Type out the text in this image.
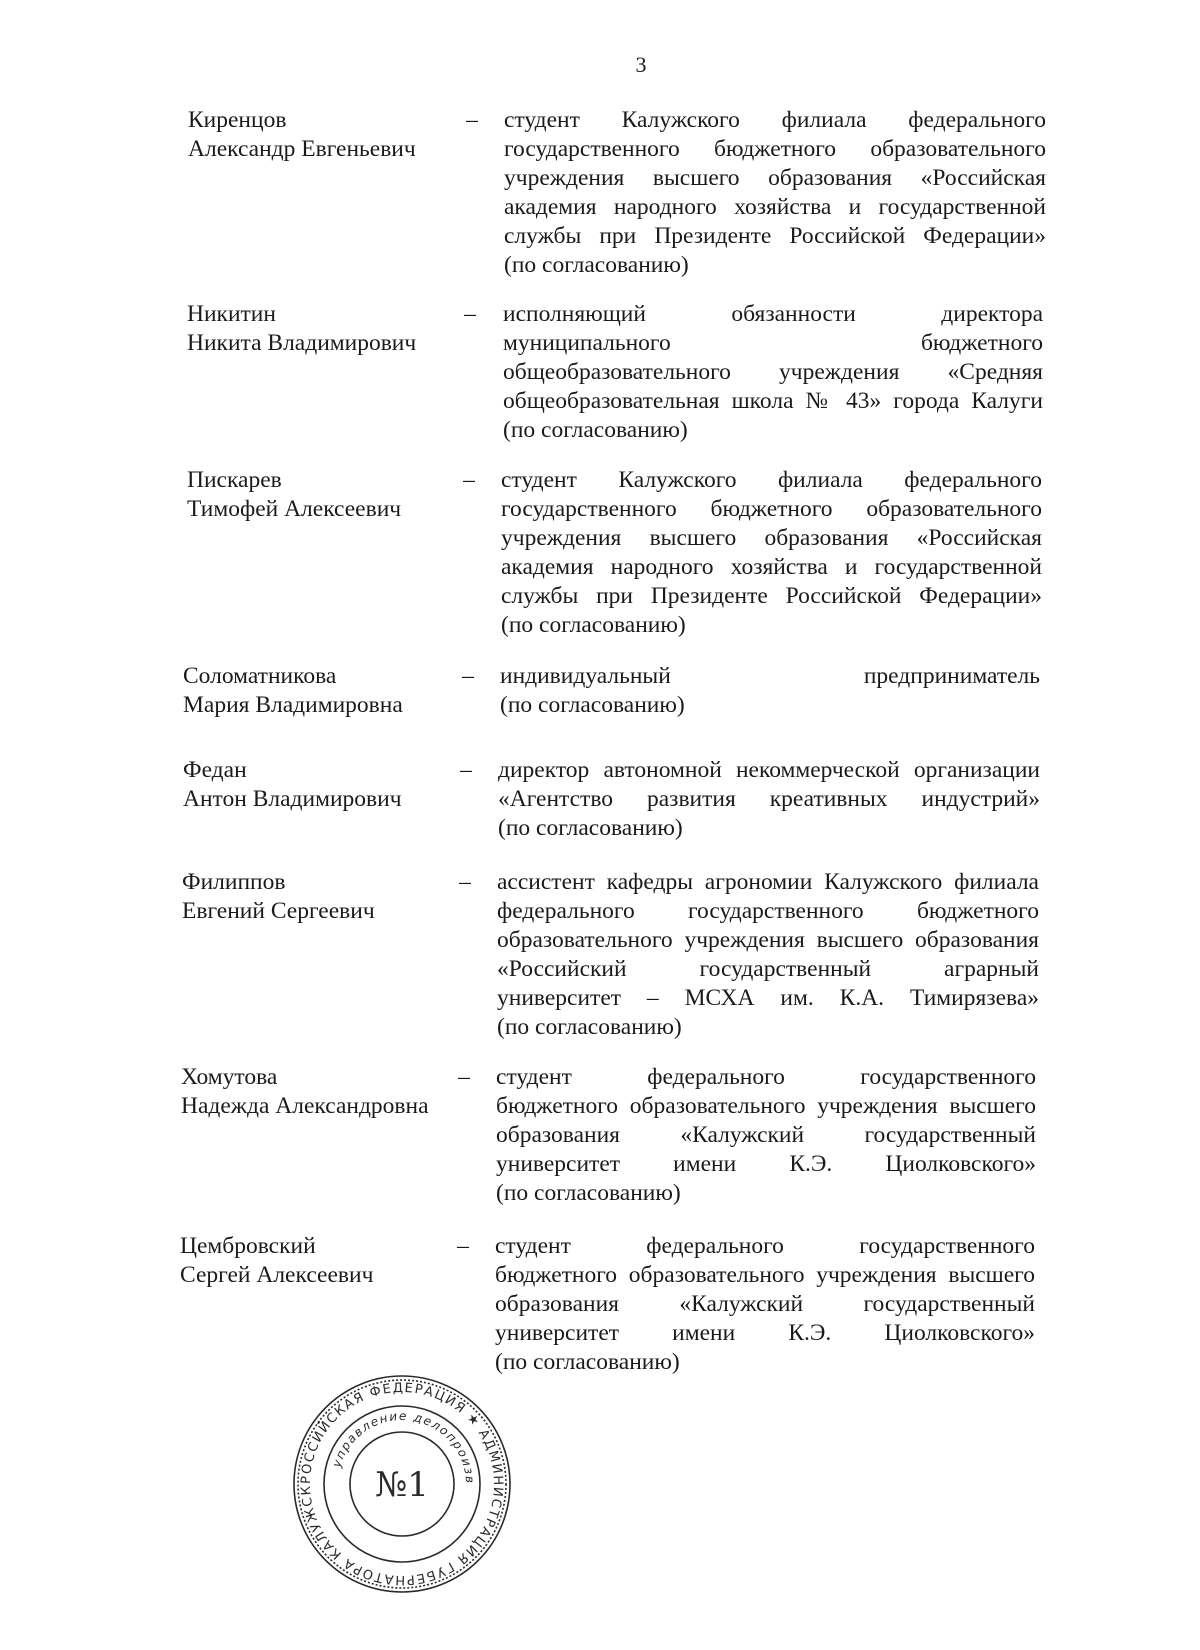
3
Киренцов
Александр Евгеньевич
– студент Калужского филиала федерального
государственного бюджетного образовательного
учреждения высшего образования «Российская
академия народного хозяйства и государственной
службы при Президенте Российской Федерации»
(по согласованию)
Никитин
Никита Владимирович
– исполняющий обязанности директора
муниципального бюджетного
общеобразовательного учреждения «Средняя
общеобразовательная школа № 43» города Калуги
(по согласованию)
Пискарев
Тимофей Алексеевич
– студент Калужского филиала федерального
государственного бюджетного образовательного
учреждения высшего образования «Российская
академия народного хозяйства и государственной
службы при Президенте Российской Федерации»
(по согласованию)
Соломатникова
Мария Владимировна
– индивидуальный предприниматель
(по согласованию)
Федан
Антон Владимирович
– директор автономной некоммерческой организации
«Агентство развития креативных индустрий»
(по согласованию)
Филиппов
Евгений Сергеевич
– ассистент кафедры агрономии Калужского филиала
федерального государственного бюджетного
образовательного учреждения высшего образования
«Российский государственный аграрный
университет – МСХА им. К.А. Тимирязева»
(по согласованию)
Хомутова
Надежда Александровна
– студент федерального государственного
бюджетного образовательного учреждения высшего
образования «Калужский государственный
университет имени К.Э. Циолковского»
(по согласованию)
Цембровский
Сергей Алексеевич
– студент федерального государственного
бюджетного образовательного учреждения высшего
образования «Калужский государственный
университет имени К.Э. Циолковского»
(по согласованию)
РОССИЙСКАЯ ФЕДЕРАЦИЯ ★ АДМИНИСТРАЦИЯ ГУБЕРНАТОРА КАЛУЖСК
управление делопроизв
№1
